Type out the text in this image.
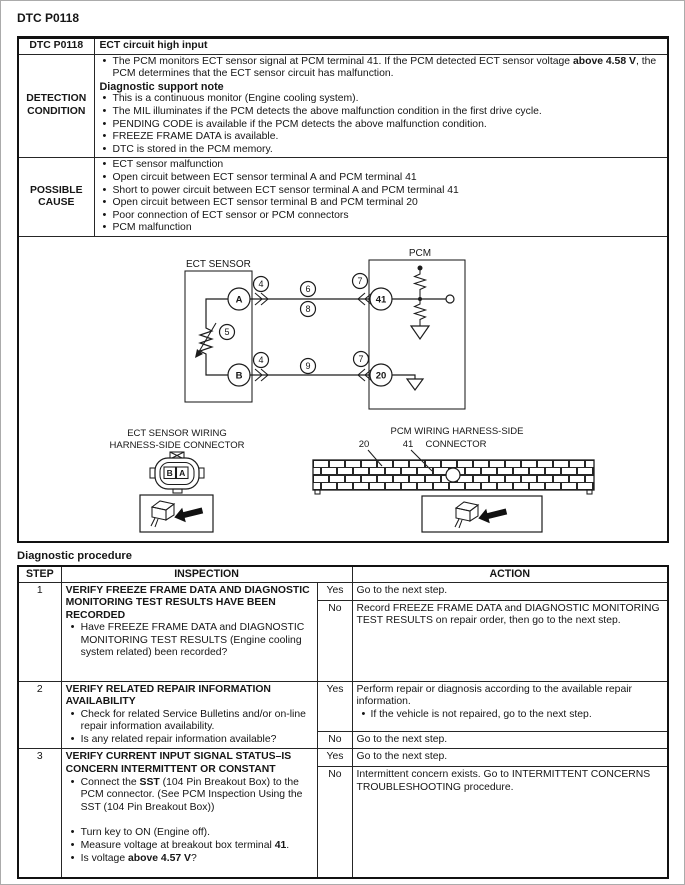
DTC P0118
DTC P0118	ECT circuit high input
DETECTION CONDITION	
• The PCM monitors ECT sensor signal at PCM terminal 41. If the PCM detected ECT sensor voltage above 4.58 V, the PCM determines that the ECT sensor circuit has malfunction.
Diagnostic support note
• This is a continuous monitor (Engine cooling system).
• The MIL illuminates if the PCM detects the above malfunction condition in the first drive cycle.
• PENDING CODE is available if the PCM detects the above malfunction condition.
• FREEZE FRAME DATA is available.
• DTC is stored in the PCM memory.

POSSIBLE CAUSE	
• ECT sensor malfunction
• Open circuit between ECT sensor terminal A and PCM terminal 41
• Short to power circuit between ECT sensor terminal A and PCM terminal 41
• Open circuit between ECT sensor terminal B and PCM terminal 20
• Poor connection of ECT sensor or PCM connectors
• PCM malfunction

ECT SENSOR
5
A
B
4	6
8
7
4
9
7
PCM
41
20
ECT SENSOR WIRING
HARNESS-SIDE CONNECTOR
B A
PCM WIRING HARNESS-SIDE
CONNECTOR
20	41
Diagnostic procedure
STEP	INSPECTION		ACTION
1	VERIFY FREEZE FRAME DATA AND DIAGNOSTIC MONITORING TEST RESULTS HAVE BEEN RECORDED
• Have FREEZE FRAME DATA and DIAGNOSTIC MONITORING TEST RESULTS (Engine cooling system related) been recorded?
	Yes	Go to the next step.
		No	Record FREEZE FRAME DATA and DIAGNOSTIC MONITORING TEST RESULTS on repair order, then go to the next step.
2	VERIFY RELATED REPAIR INFORMATION AVAILABILITY
• Check for related Service Bulletins and/or on-line repair information availability.
• Is any related repair information available?
	Yes	Perform repair or diagnosis according to the available repair information.
• If the vehicle is not repaired, go to the next step.

		No	Go to the next step.
3	VERIFY CURRENT INPUT SIGNAL STATUS–IS CONCERN INTERMITTENT OR CONSTANT
• Connect the SST (104 Pin Breakout Box) to the PCM connector. (See PCM Inspection Using the SST (104 Pin Breakout Box))
• Turn key to ON (Engine off).
• Measure voltage at breakout box terminal 41.
• Is voltage above 4.57 V?
	Yes	Go to the next step.
		No	Intermittent concern exists. Go to INTERMITTENT CONCERNS TROUBLESHOOTING procedure.
